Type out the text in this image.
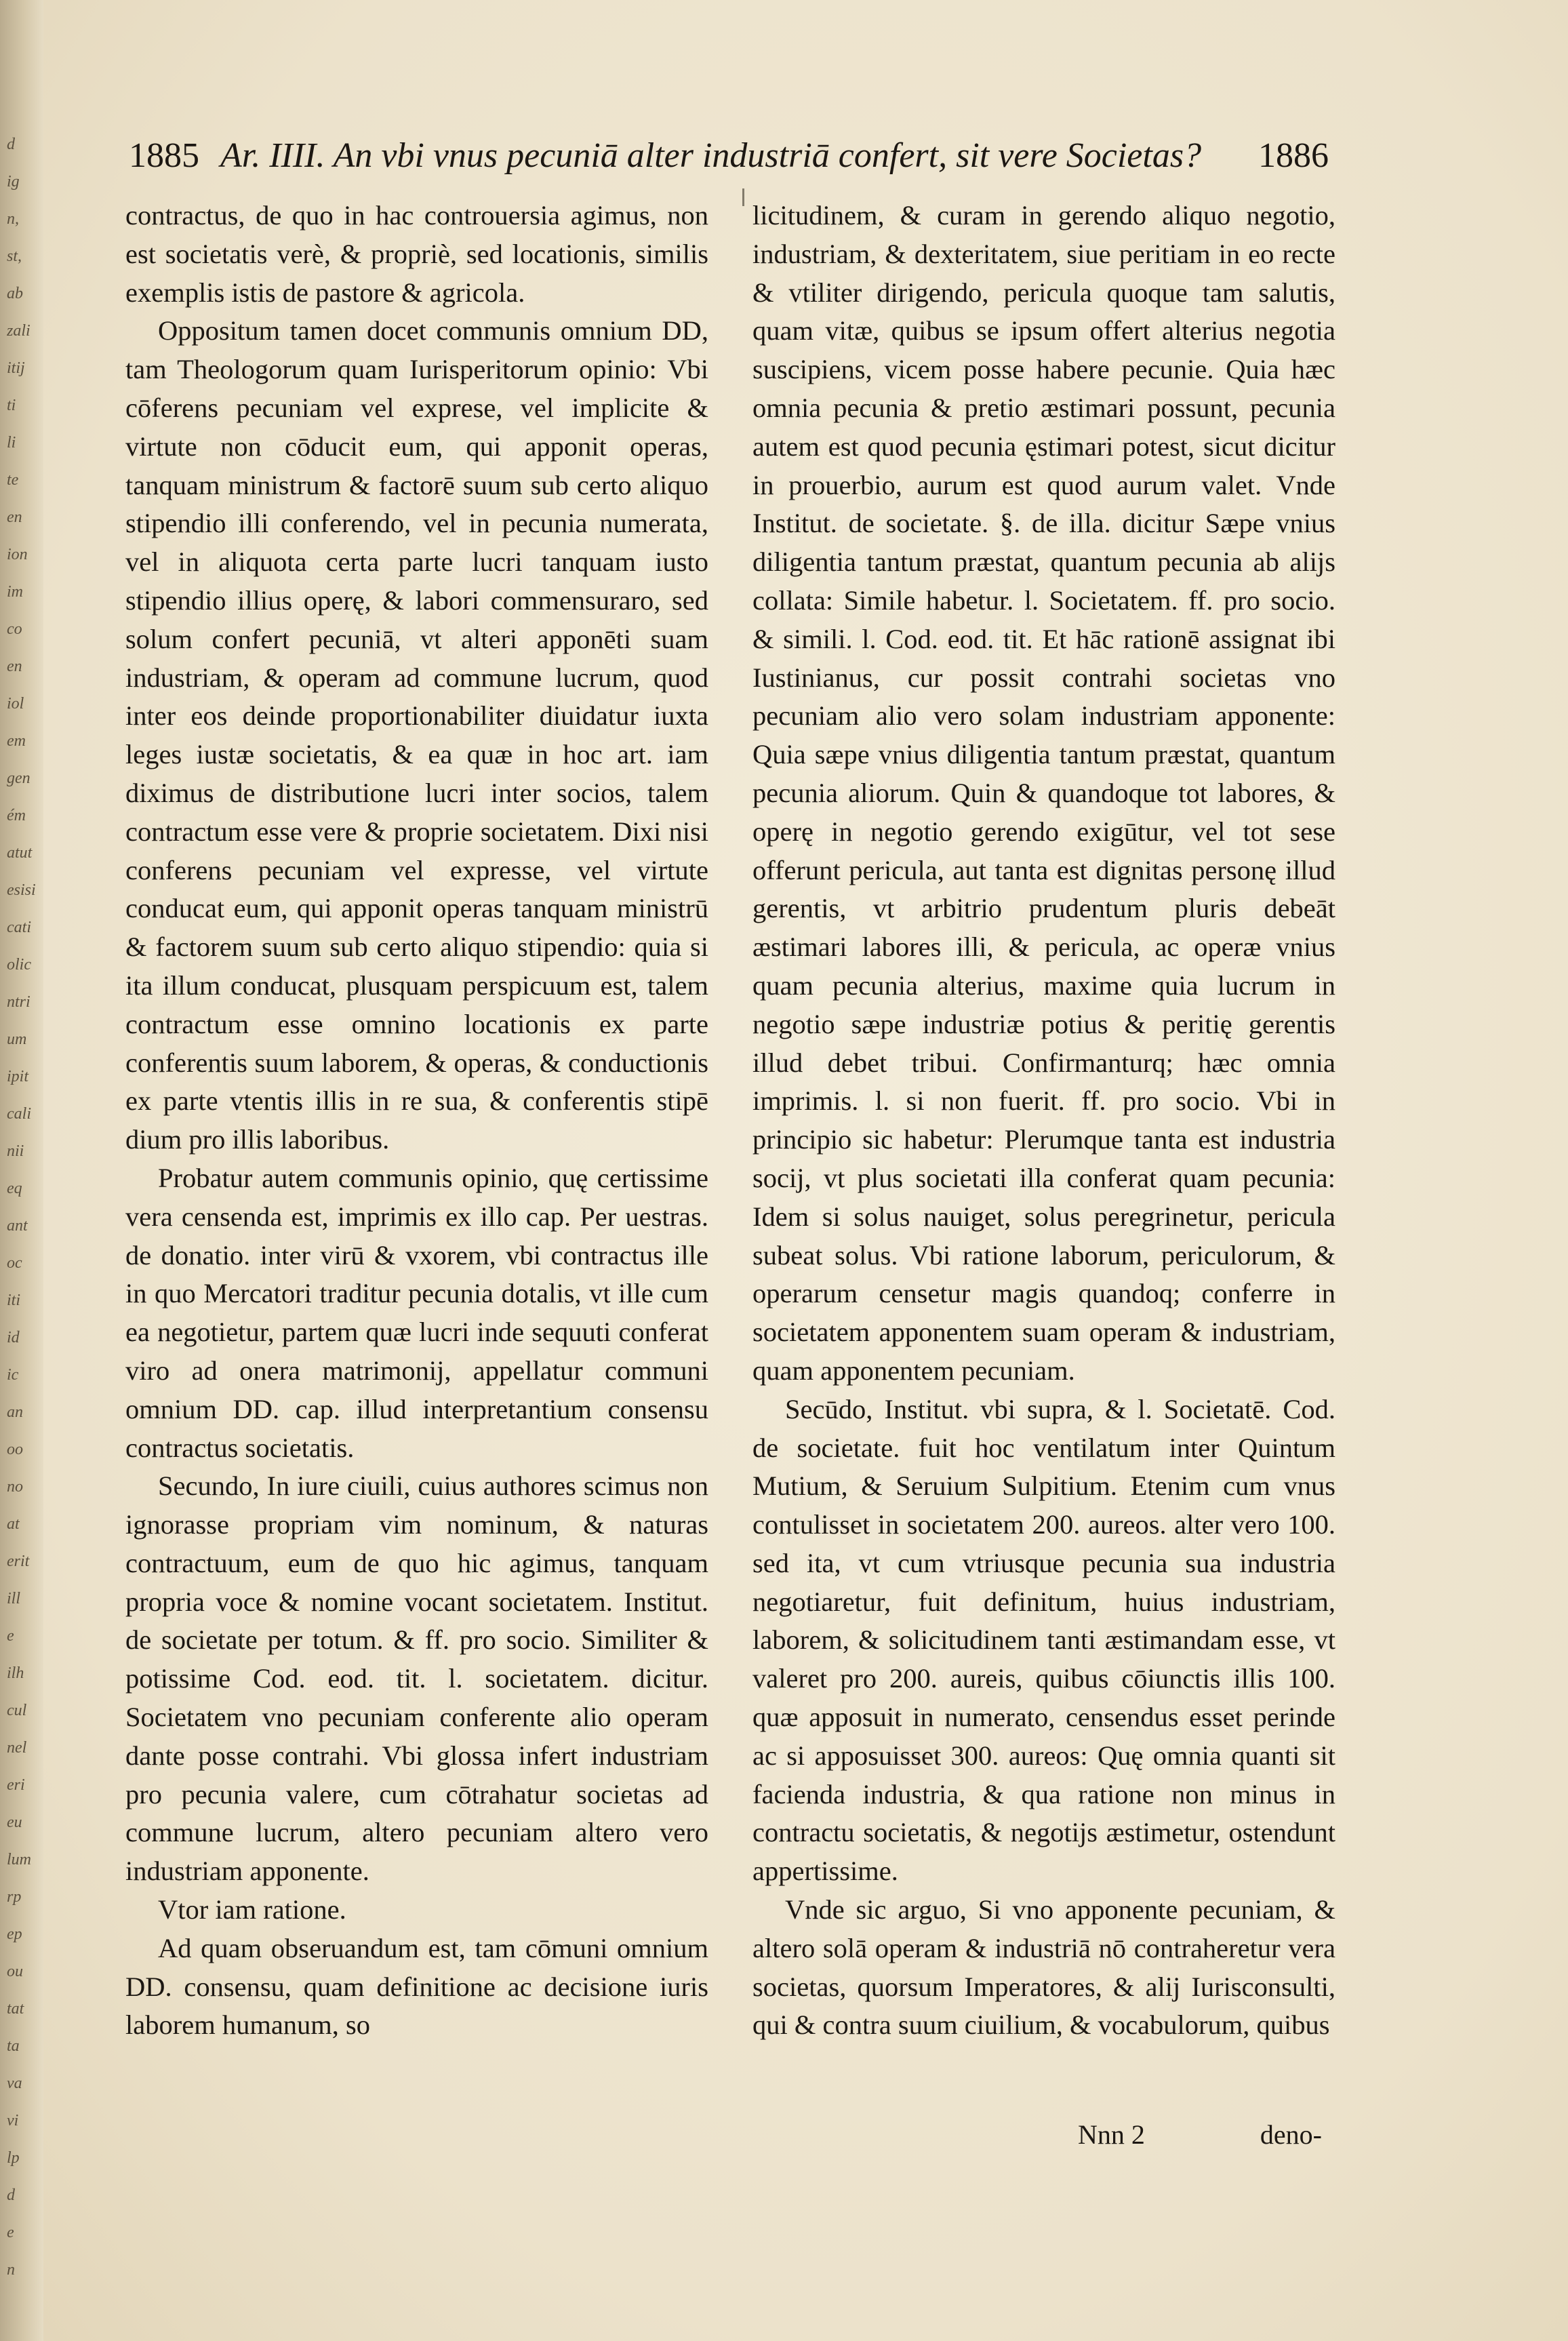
d
ig
n,
st,
ab
zali
itij
ti
li
te
en
ion
im
co
en
iol
em
gen
ém
atut
esisi
cati
olic
ntri
um
ipit
cali
nii
eq
ant
oc
iti
id
ic
an
oo
no
at
erit
ill
e
ilh
cul
nel
eri
eu
lum
rp
ep
ou
tat
ta
va
vi
lp
d
e
n
1885 Ar. IIII. An vbi vnus pecuniā alter industriā confert, sit vere Societas? 1886

contractus, de quo in hac controuersia agimus, non est societatis verè, & propriè, sed locationis, similis exemplis istis de pastore & agricola.

Oppositum tamen docet communis omnium DD, tam Theologorum quam Iurisperitorum opinio: Vbi cōferens pecuniam vel exprese, vel implicite & virtute non cōducit eum, qui apponit operas, tanquam ministrum & factorē suum sub certo aliquo stipendio illi conferendo, vel in pecunia numerata, vel in aliquota certa parte lucri tanquam iusto stipendio illius operę, & labori commensuraro, sed solum confert pecuniā, vt alteri apponēti suam industriam, & operam ad commune lucrum, quod inter eos deinde proportionabiliter diuidatur iuxta leges iustæ societatis, & ea quæ in hoc art. iam diximus de distributione lucri inter socios, talem contractum esse vere & proprie societatem. Dixi nisi conferens pecuniam vel expresse, vel virtute conducat eum, qui apponit operas tanquam ministrū & factorem suum sub certo aliquo stipendio: quia si ita illum conducat, plusquam perspicuum est, talem contractum esse omnino locationis ex parte conferentis suum laborem, & operas, & conductionis ex parte vtentis illis in re sua, & conferentis stipē dium pro illis laboribus.

Probatur autem communis opinio, quę certissime vera censenda est, imprimis ex illo cap. Per uestras. de donatio. inter virū & vxorem, vbi contractus ille in quo Mercatori traditur pecunia dotalis, vt ille cum ea negotietur, partem quæ lucri inde sequuti conferat viro ad onera matrimonij, appellatur communi omnium DD. cap. illud interpretantium consensu contractus societatis.

Secundo, In iure ciuili, cuius authores scimus non ignorasse propriam vim nominum, & naturas contractuum, eum de quo hic agimus, tanquam propria voce & nomine vocant societatem. Institut. de societate per totum. & ff. pro socio. Similiter & potissime Cod. eod. tit. l. societatem. dicitur. Societatem vno pecuniam conferente alio operam dante posse contrahi. Vbi glossa infert industriam pro pecunia valere, cum cōtrahatur societas ad commune lucrum, altero pecuniam altero vero industriam apponente.

Vtor iam ratione.

Ad quam obseruandum est, tam cōmuni omnium DD. consensu, quam definitione ac decisione iuris laborem humanum, so

licitudinem, & curam in gerendo aliquo negotio, industriam, & dexteritatem, siue peritiam in eo recte & vtiliter dirigendo, pericula quoque tam salutis, quam vitæ, quibus se ipsum offert alterius negotia suscipiens, vicem posse habere pecunie. Quia hæc omnia pecunia & pretio æstimari possunt, pecunia autem est quod pecunia ęstimari potest, sicut dicitur in prouerbio, aurum est quod aurum valet. Vnde Institut. de societate. §. de illa. dicitur Sæpe vnius diligentia tantum præstat, quantum pecunia ab alijs collata: Simile habetur. l. Societatem. ff. pro socio. & simili. l. Cod. eod. tit. Et hāc rationē assignat ibi Iustinianus, cur possit contrahi societas vno pecuniam alio vero solam industriam apponente: Quia sæpe vnius diligentia tantum præstat, quantum pecunia aliorum. Quin & quandoque tot labores, & operę in negotio gerendo exigūtur, vel tot sese offerunt pericula, aut tanta est dignitas personę illud gerentis, vt arbitrio prudentum pluris debeāt æstimari labores illi, & pericula, ac operæ vnius quam pecunia alterius, maxime quia lucrum in negotio sæpe industriæ potius & peritię gerentis illud debet tribui. Confirmanturq; hæc omnia imprimis. l. si non fuerit. ff. pro socio. Vbi in principio sic habetur: Plerumque tanta est industria socij, vt plus societati illa conferat quam pecunia: Idem si solus nauiget, solus peregrinetur, pericula subeat solus. Vbi ratione laborum, periculorum, & operarum censetur magis quandoq; conferre in societatem apponentem suam operam & industriam, quam apponentem pecuniam.

Secūdo, Institut. vbi supra, & l. Societatē. Cod. de societate. fuit hoc ventilatum inter Quintum Mutium, & Seruium Sulpitium. Etenim cum vnus contulisset in societatem 200. aureos. alter vero 100. sed ita, vt cum vtriusque pecunia sua industria negotiaretur, fuit definitum, huius industriam, laborem, & solicitudinem tanti æstimandam esse, vt valeret pro 200. aureis, quibus cōiunctis illis 100. quæ apposuit in numerato, censendus esset perinde ac si apposuisset 300. aureos: Quę omnia quanti sit facienda industria, & qua ratione non minus in contractu societatis, & negotijs æstimetur, ostendunt appertissime.

Vnde sic arguo, Si vno apponente pecuniam, & altero solā operam & industriā nō contraheretur vera societas, quorsum Imperatores, & alij Iurisconsulti, qui & contra suum ciuilium, & vocabulorum, quibus

Nnn 2	deno-
